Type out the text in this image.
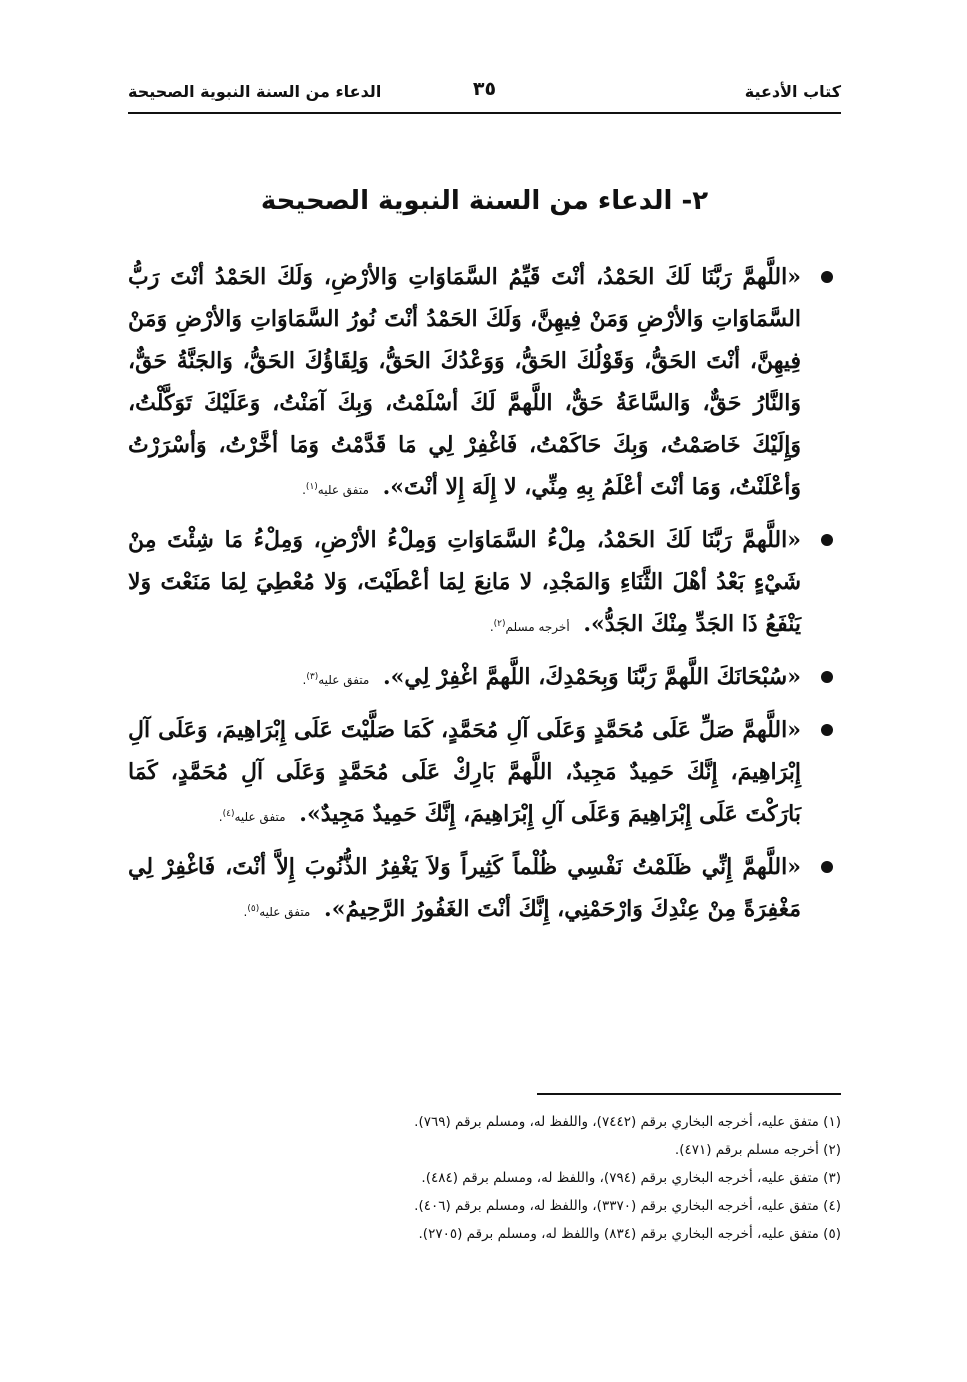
كتاب الأدعية
٣٥
الدعاء من السنة النبوية الصحيحة
٢- الدعاء من السنة النبوية الصحيحة
«اللَّهمَّ رَبَّنَا لَكَ الحَمْدُ، أنْتَ قَيِّمُ السَّمَاوَاتِ وَالأرْضِ، وَلَكَ الحَمْدُ أنْتَ رَبُّ السَّمَاوَاتِ وَالأرْضِ وَمَنْ فِيهِنَّ، وَلَكَ الحَمْدُ أنْتَ نُورُ السَّمَاوَاتِ وَالأرْضِ وَمَنْ فِيهِنَّ، أنْتَ الحَقُّ، وَقَوْلُكَ الحَقُّ، وَوَعْدُكَ الحَقُّ، وَلِقَاؤُكَ الحَقُّ، وَالجَنَّةُ حَقٌّ، وَالنَّارُ حَقٌّ، وَالسَّاعَةُ حَقٌّ، اللَّهمَّ لَكَ أسْلَمْتُ، وَبِكَ آمَنْتُ، وَعَلَيْكَ تَوَكَّلْتُ، وَإِلَيْكَ خَاصَمْتُ، وَبِكَ حَاكَمْتُ، فَاغْفِرْ لِي مَا قَدَّمْتُ وَمَا أخَّرْتُ، وَأسْرَرْتُ وَأعْلَنْتُ، وَمَا أنْتَ أعْلَمُ بِهِ مِنِّي، لا إِلَهَ إِلا أنْتَ». متفق عليه$^{(١)}$.
«اللَّهمَّ رَبَّنَا لَكَ الحَمْدُ، مِلْءُ السَّمَاوَاتِ وَمِلْءُ الأرْضِ، وَمِلْءُ مَا شِئْتَ مِنْ شَيْءٍ بَعْدُ أهْلَ الثَّنَاءِ وَالمَجْدِ، لا مَانِعَ لِمَا أعْطَيْتَ، وَلا مُعْطِيَ لِمَا مَنَعْتَ وَلا يَنْفَعُ ذَا الجَدِّ مِنْكَ الجَدُّ». أخرجه مسلم$^{(٢)}$.
«سُبْحَانَكَ اللَّهمَّ رَبَّنَا وَبِحَمْدِكَ، اللَّهمَّ اغْفِرْ لِي». متفق عليه$^{(٣)}$.
«اللَّهمَّ صَلِّ عَلَى مُحَمَّدٍ وَعَلَى آلِ مُحَمَّدٍ، كَمَا صَلَّيْتَ عَلَى إِبْرَاهِيمَ، وَعَلَى آلِ إِبْرَاهِيمَ، إِنَّكَ حَمِيدٌ مَجِيدٌ، اللَّهمَّ بَارِكْ عَلَى مُحَمَّدٍ وَعَلَى آلِ مُحَمَّدٍ، كَمَا بَارَكْتَ عَلَى إِبْرَاهِيمَ وَعَلَى آلِ إِبْرَاهِيمَ، إِنَّكَ حَمِيدٌ مَجِيدٌ». متفق عليه$^{(٤)}$.
«اللَّهمَّ إِنِّي ظَلَمْتُ نَفْسِي ظُلْماً كَثِيراً وَلاَ يَغْفِرُ الذُّنُوبَ إِلاَّ أنْتَ، فَاغْفِرْ لِي مَغْفِرَةً مِنْ عِنْدِكَ وَارْحَمْنِي، إِنَّكَ أنْتَ الغَفُورُ الرَّحِيمُ». متفق عليه$^{(٥)}$.
(١) متفق عليه، أخرجه البخاري برقم (٧٤٤٢)، واللفظ له، ومسلم برقم (٧٦٩).
(٢) أخرجه مسلم برقم (٤٧١).
(٣) متفق عليه، أخرجه البخاري برقم (٧٩٤)، واللفظ له، ومسلم برقم (٤٨٤).
(٤) متفق عليه، أخرجه البخاري برقم (٣٣٧٠)، واللفظ له، ومسلم برقم (٤٠٦).
(٥) متفق عليه، أخرجه البخاري برقم (٨٣٤) واللفظ له، ومسلم برقم (٢٧٠٥).
